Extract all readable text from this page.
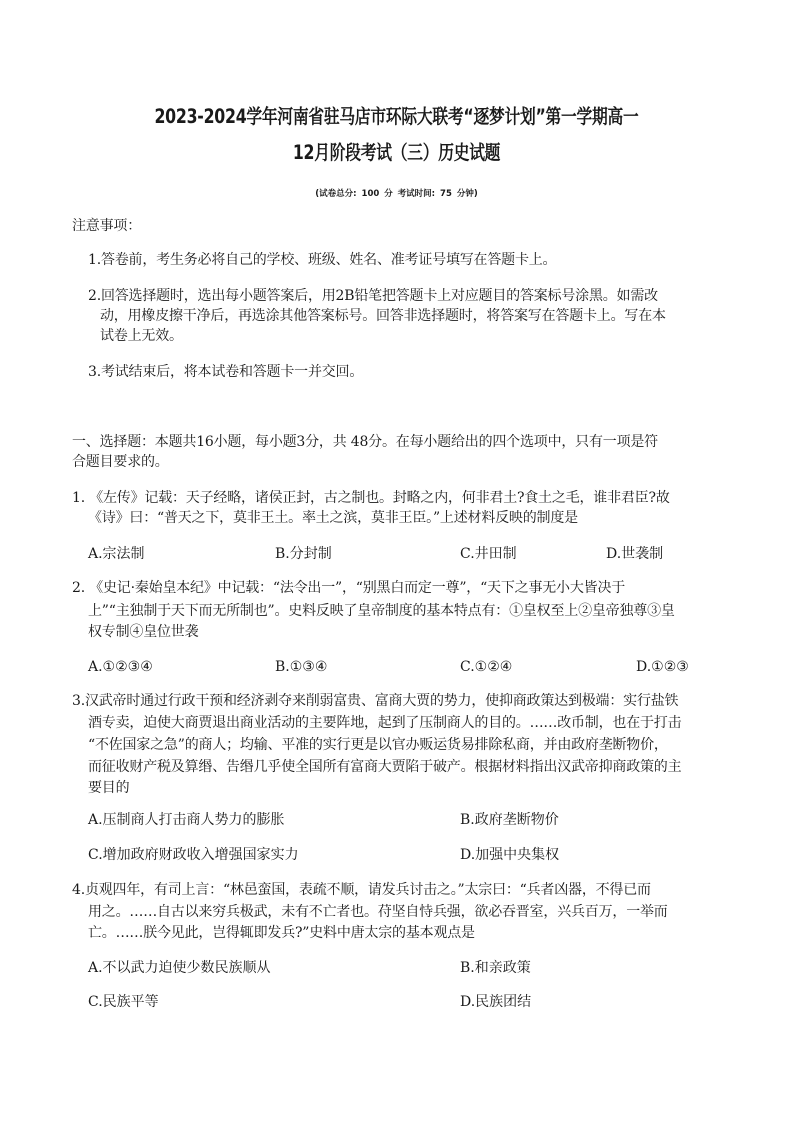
2023-2024学年河南省驻马店市环际大联考“逐梦计划”第一学期高一
12月阶段考试（三）历史试题
(试卷总分: 100 分 考试时间: 75 分钟)
注意事项：
1.答卷前，考生务必将自己的学校、班级、姓名、准考证号填写在答题卡上。
2.回答选择题时，选出每小题答案后，用2B铅笔把答题卡上对应题目的答案标号涂黑。如需改
动，用橡皮擦干净后，再选涂其他答案标号。回答非选择题时，将答案写在答题卡上。写在本
试卷上无效。
3.考试结束后，将本试卷和答题卡一并交回。
一、选择题：本题共16小题，每小题3分，共 48分。在每小题给出的四个选项中，只有一项是符
合题目要求的。
1. 《左传》记载：天子经略，诸侯正封，古之制也。封略之内，何非君土?食土之毛，谁非君臣?故
《诗》曰：“普天之下，莫非王土。率土之滨，莫非王臣。”上述材料反映的制度是
A.宗法制	B.分封制	C.井田制	D.世袭制
2. 《史记·秦始皇本纪》中记载：“法令出一”，“别黑白而定一尊”，“天下之事无小大皆决于
上”“主独制于天下而无所制也”。史料反映了皇帝制度的基本特点有：①皇权至上②皇帝独尊③皇
权专制④皇位世袭
A.①②③④	B.①③④	C.①②④	D.①②③
3.汉武帝时通过行政干预和经济剥夺来削弱富贵、富商大贾的势力，使抑商政策达到极端：实行盐铁
酒专卖，迫使大商贾退出商业活动的主要阵地，起到了压制商人的目的。……改币制，也在于打击
“不佐国家之急”的商人；均输、平准的实行更是以官办贩运货易排除私商，并由政府垄断物价，
而征收财产税及算缗、告缗几乎使全国所有富商大贾陷于破产。根据材料指出汉武帝抑商政策的主
要目的
A.压制商人打击商人势力的膨胀	B.政府垄断物价
C.增加政府财政收入增强国家实力	D.加强中央集权
4.贞观四年，有司上言：“林邑蛮国，表疏不顺，请发兵讨击之。”太宗曰：“兵者凶器，不得已而
用之。……自古以来穷兵极武，未有不亡者也。苻坚自恃兵强，欲必吞晋室，兴兵百万，一举而
亡。……朕今见此，岂得辄即发兵?”史料中唐太宗的基本观点是
A.不以武力迫使少数民族顺从	B.和亲政策
C.民族平等	D.民族团结
